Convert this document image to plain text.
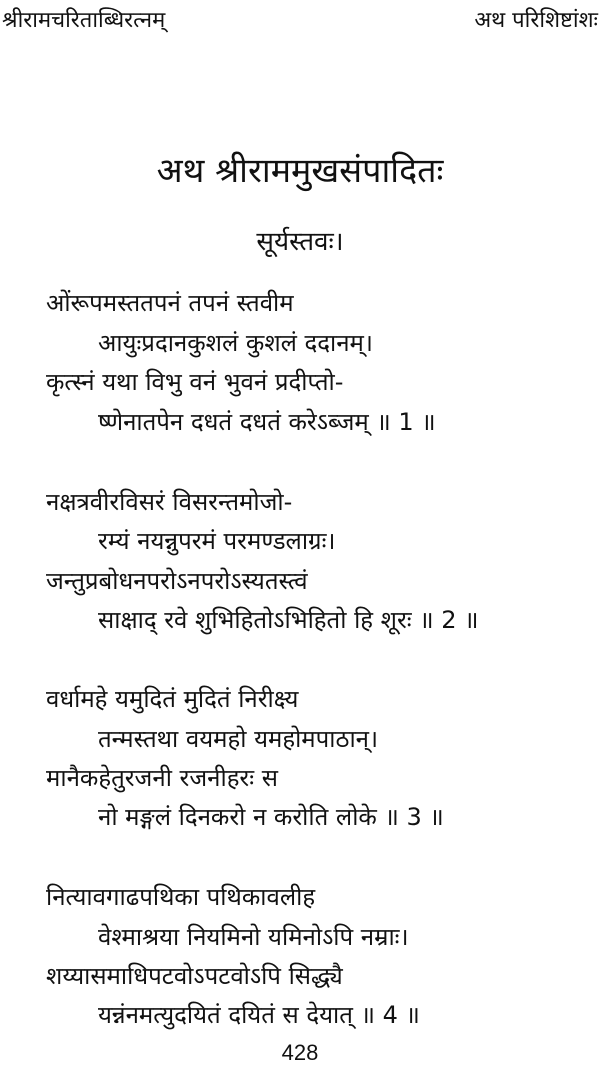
श्रीरामचरिताब्धिरत्नम्	अथ परिशिष्टांशः
अथ श्रीराममुखसंपादितः
सूर्यस्तवः।
ओंरूपमस्ततपनं तपनं स्तवीम
आयुःप्रदानकुशलं कुशलं ददानम्।
कृत्स्नं यथा विभु वनं भुवनं प्रदीप्तो-
ष्णेनातपेन दधतं दधतं करेऽब्जम् ॥ 1 ॥
नक्षत्रवीरविसरं विसरन्तमोजो-
रम्यं नयन्नुपरमं परमण्डलाग्रः।
जन्तुप्रबोधनपरोऽनपरोऽस्यतस्त्वं
साक्षाद् रवे शुभिहितोऽभिहितो हि शूरः ॥ 2 ॥
वर्धामहे यमुदितं मुदितं निरीक्ष्य
तन्मस्तथा वयमहो यमहोमपाठान्।
मानैकहेतुरजनी रजनीहरः स
नो मङ्गलं दिनकरो न करोति लोके ॥ 3 ॥
नित्यावगाढपथिका पथिकावलीह
वेश्माश्रया नियमिनो यमिनोऽपि नम्राः।
शय्यासमाधिपटवोऽपटवोऽपि सिद्ध्यै
यन्नंनमत्युदयितं दयितं स देयात् ॥ 4 ॥
428
